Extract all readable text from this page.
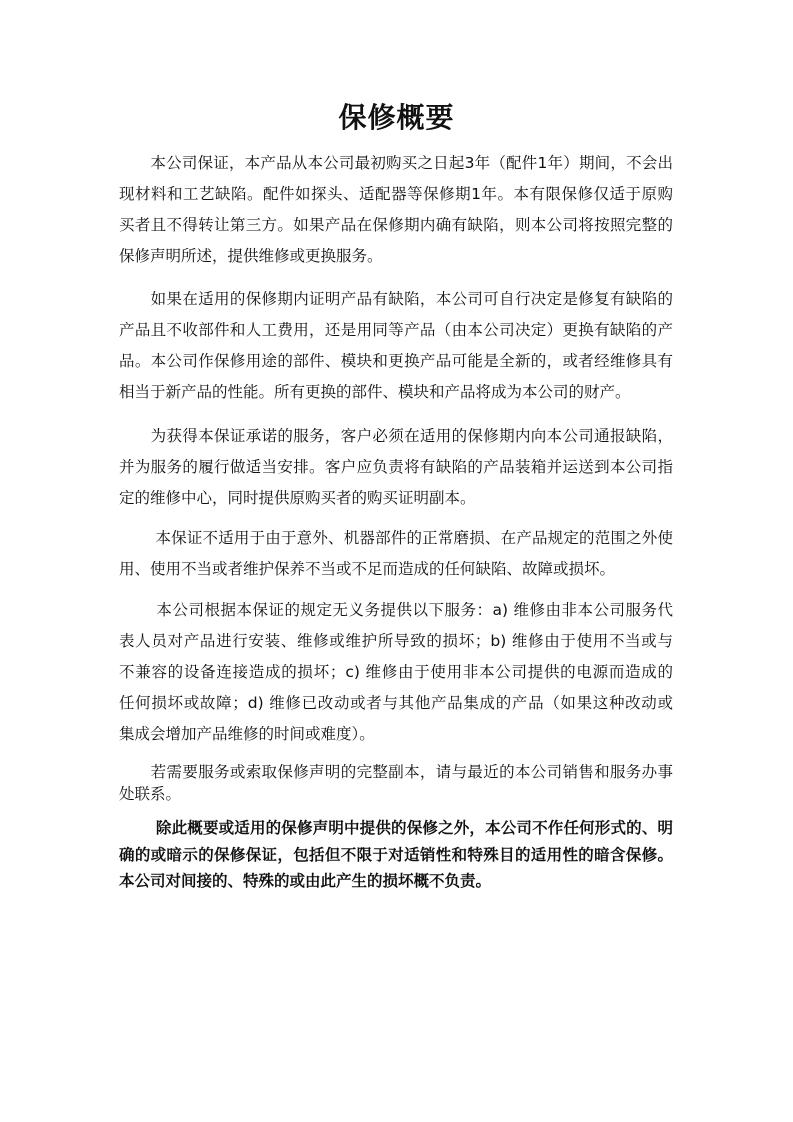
保修概要
　　本公司保证，本产品从本公司最初购买之日起3年（配件1年）期间，不会出
现材料和工艺缺陷。配件如探头、适配器等保修期1年。本有限保修仅适于原购
买者且不得转让第三方。如果产品在保修期内确有缺陷，则本公司将按照完整的
保修声明所述，提供维修或更换服务。
　　如果在适用的保修期内证明产品有缺陷，本公司可自行决定是修复有缺陷的
产品且不收部件和人工费用，还是用同等产品（由本公司决定）更换有缺陷的产
品。本公司作保修用途的部件、模块和更换产品可能是全新的，或者经维修具有
相当于新产品的性能。所有更换的部件、模块和产品将成为本公司的财产。
　　为获得本保证承诺的服务，客户必须在适用的保修期内向本公司通报缺陷，
并为服务的履行做适当安排。客户应负责将有缺陷的产品装箱并运送到本公司指
定的维修中心，同时提供原购买者的购买证明副本。
　　 本保证不适用于由于意外、机器部件的正常磨损、在产品规定的范围之外使
用、使用不当或者维护保养不当或不足而造成的任何缺陷、故障或损坏。
　　 本公司根据本保证的规定无义务提供以下服务：a) 维修由非本公司服务代
表人员对产品进行安装、维修或维护所导致的损坏；b) 维修由于使用不当或与
不兼容的设备连接造成的损坏；c) 维修由于使用非本公司提供的电源而造成的
任何损坏或故障；d) 维修已改动或者与其他产品集成的产品（如果这种改动或
集成会增加产品维修的时间或难度）。
　　若需要服务或索取保修声明的完整副本，请与最近的本公司销售和服务办事
处联系。
　　 除此概要或适用的保修声明中提供的保修之外，本公司不作任何形式的、明
确的或暗示的保修保证，包括但不限于对适销性和特殊目的适用性的暗含保修。
本公司对间接的、特殊的或由此产生的损坏概不负责。
